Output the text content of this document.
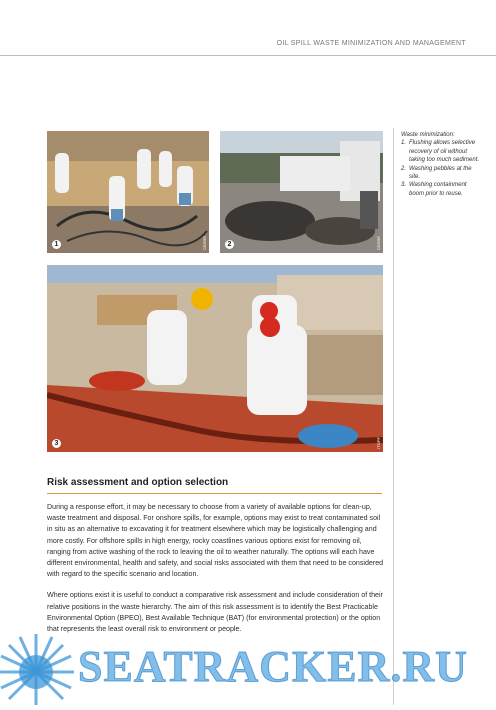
OIL SPILL WASTE MINIMIZATION AND MANAGEMENT
1	CEDRE	2	CEDRE
3	ITOPF
Waste minimization:
1. Flushing allows selective recovery of oil without taking too much sediment.
2. Washing pebbles at the site.
3. Washing containment boom prior to reuse.
Risk assessment and option selection

During a response effort, it may be necessary to choose from a variety of available options for clean-up, waste treatment and disposal. For onshore spills, for example, options may exist to treat contaminated soil in situ as an alternative to excavating it for treatment elsewhere which may be logistically challenging and more costly. For offshore spills in high energy, rocky coastlines various options exist for removing oil, ranging from active washing of the rock to leaving the oil to weather naturally. The options will each have different environmental, health and safety, and social risks associated with them that need to be considered with regard to the specific scenario and location.

Where options exist it is useful to conduct a comparative risk assessment and include consideration of their relative positions in the waste hierarchy. The aim of this risk assessment is to identify the Best Practicable Environmental Option (BPEO), Best Available Technique (BAT) (for environmental protection) or the option that represents the least overall risk to environment or people.

SEATRACKER.RU
